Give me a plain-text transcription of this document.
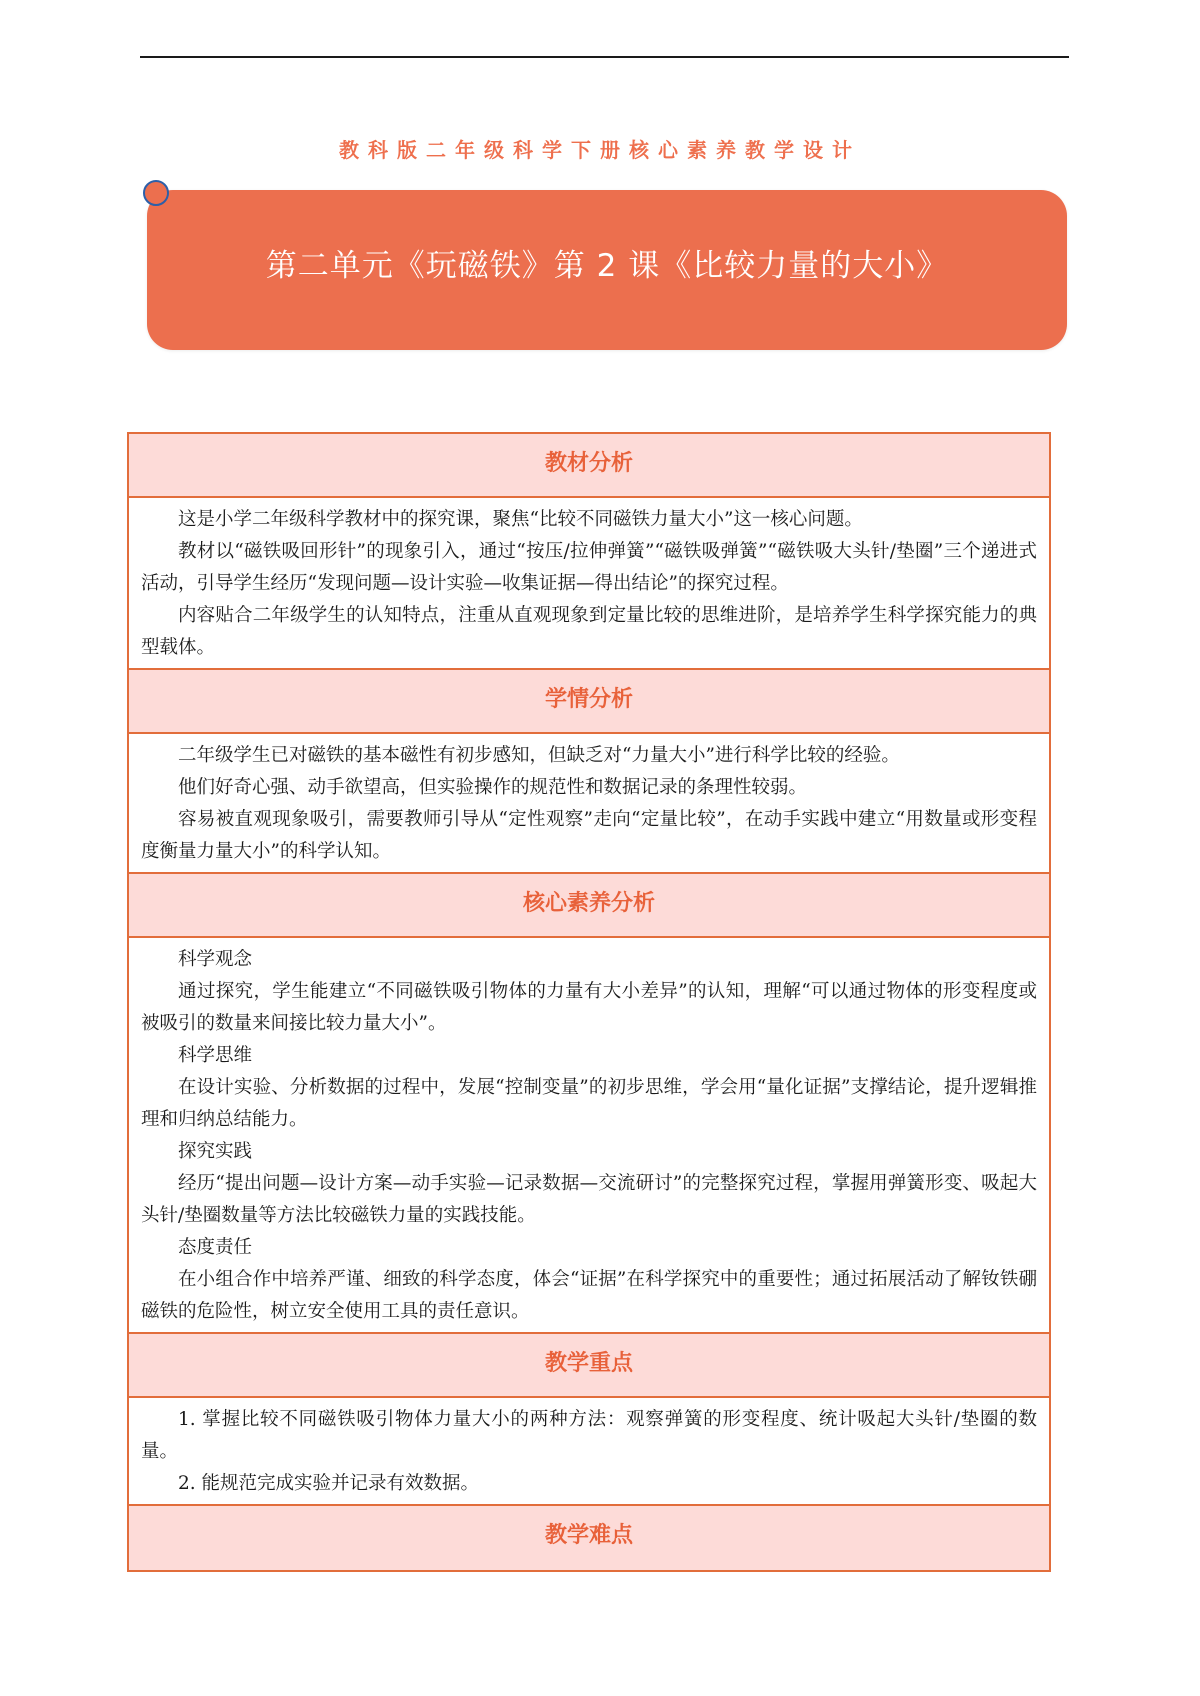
教科版二年级科学下册核心素养教学设计
第二单元《玩磁铁》第 2 课《比较力量的大小》
教材分析

这是小学二年级科学教材中的探究课，聚焦“比较不同磁铁力量大小”这一核心问题。

教材以“磁铁吸回形针”的现象引入，通过“按压/拉伸弹簧”“磁铁吸弹簧”“磁铁吸大头针/垫圈”三个递进式活动，引导学生经历“发现问题—设计实验—收集证据—得出结论”的探究过程。

内容贴合二年级学生的认知特点，注重从直观现象到定量比较的思维进阶，是培养学生科学探究能力的典型载体。

学情分析

二年级学生已对磁铁的基本磁性有初步感知，但缺乏对“力量大小”进行科学比较的经验。

他们好奇心强、动手欲望高，但实验操作的规范性和数据记录的条理性较弱。

容易被直观现象吸引，需要教师引导从“定性观察”走向“定量比较”，在动手实践中建立“用数量或形变程度衡量力量大小”的科学认知。

核心素养分析

科学观念

通过探究，学生能建立“不同磁铁吸引物体的力量有大小差异”的认知，理解“可以通过物体的形变程度或被吸引的数量来间接比较力量大小”。

科学思维

在设计实验、分析数据的过程中，发展“控制变量”的初步思维，学会用“量化证据”支撑结论，提升逻辑推理和归纳总结能力。

探究实践

经历“提出问题—设计方案—动手实验—记录数据—交流研讨”的完整探究过程，掌握用弹簧形变、吸起大头针/垫圈数量等方法比较磁铁力量的实践技能。

态度责任

在小组合作中培养严谨、细致的科学态度，体会“证据”在科学探究中的重要性；通过拓展活动了解钕铁硼磁铁的危险性，树立安全使用工具的责任意识。

教学重点

1. 掌握比较不同磁铁吸引物体力量大小的两种方法：观察弹簧的形变程度、统计吸起大头针/垫圈的数量。

2. 能规范完成实验并记录有效数据。

教学难点
